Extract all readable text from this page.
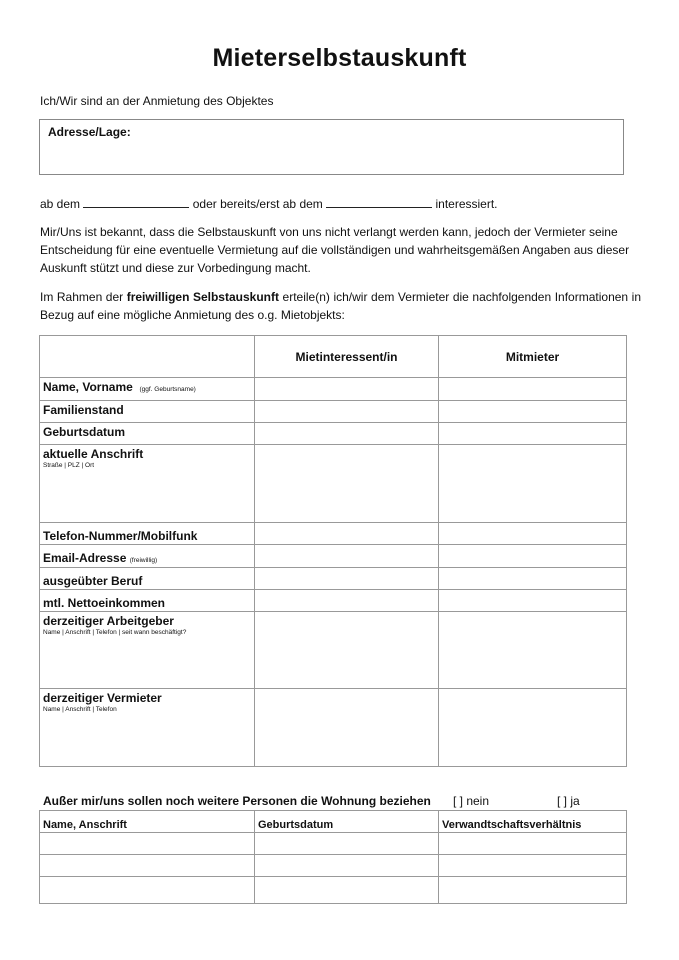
Mieterselbstauskunft
Ich/Wir sind an der Anmietung des Objektes
Adresse/Lage:
ab dem	oder bereits/erst ab dem	interessiert.
Mir/Uns ist bekannt, dass die Selbstauskunft von uns nicht verlangt werden kann, jedoch der Vermieter seine
Entscheidung für eine eventuelle Vermietung auf die vollständigen und wahrheitsgemäßen Angaben aus dieser
Auskunft stützt und diese zur Vorbedingung macht.
Im Rahmen der freiwilligen Selbstauskunft erteile(n) ich/wir dem Vermieter die nachfolgenden Informationen in
Bezug auf eine mögliche Anmietung des o.g. Mietobjekts:
	Mietinteressent/in	Mitmieter
Name, Vorname (ggf. Geburtsname)		
Familienstand		
Geburtsdatum		
aktuelle Anschrift
Straße | PLZ | Ort		

Telefon-Nummer/Mobilfunk		
Email-Adresse (freiwillig)		
ausgeübter Beruf		
mtl. Nettoeinkommen		
derzeitiger Arbeitgeber
Name | Anschrift | Telefon | seit wann beschäftigt?		

derzeitiger Vermieter
Name | Anschrift | Telefon		

Außer mir/uns sollen noch weitere Personen die Wohnung beziehen [ ] nein	[ ] ja
Name, Anschrift	Geburtsdatum	Verwandtschaftsverhältnis
